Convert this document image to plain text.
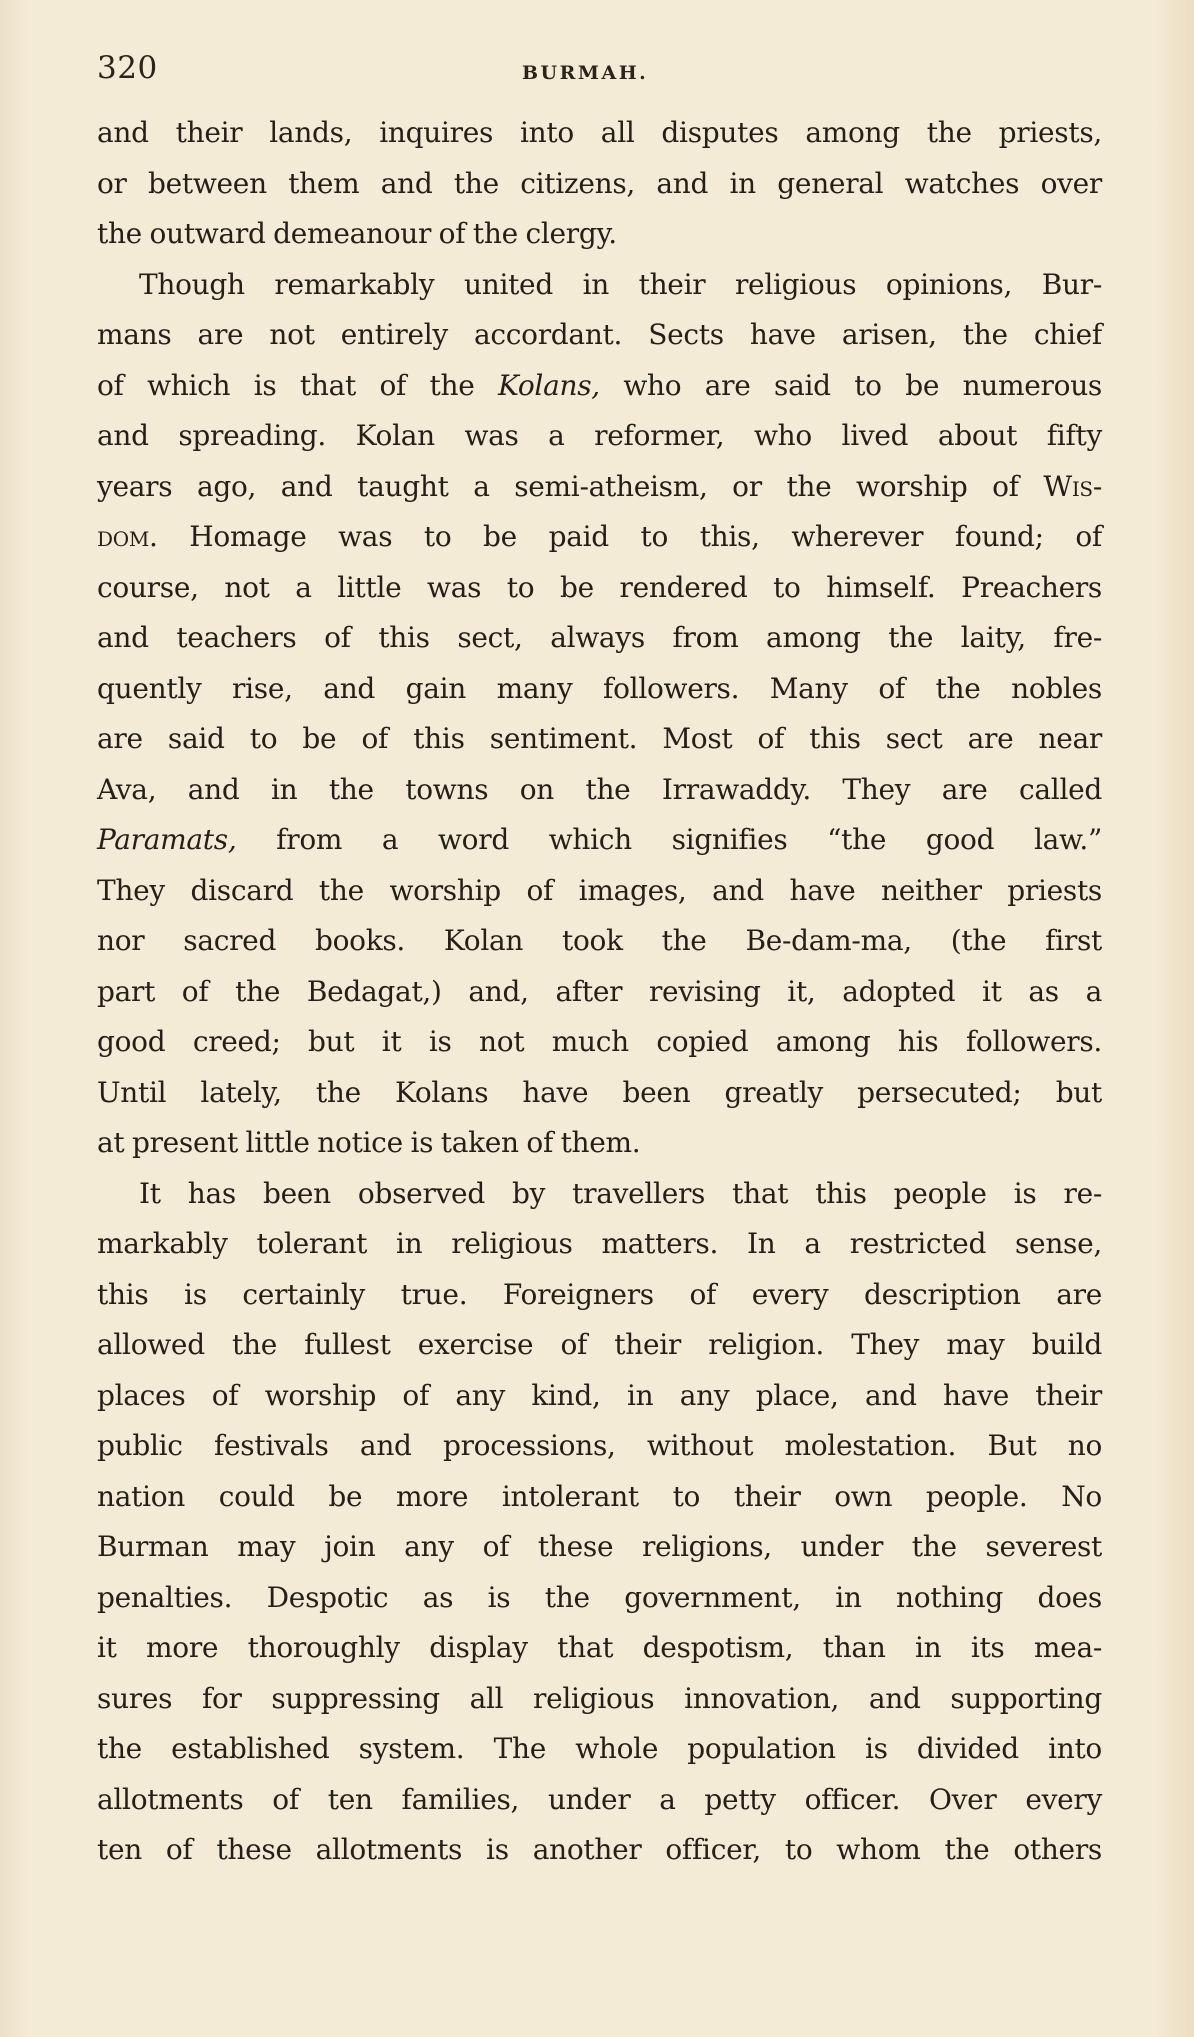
320	BURMAH.
and their lands, inquires into all disputes among the priests,
or between them and the citizens, and in general watches over
the outward demeanour of the clergy.
Though remarkably united in their religious opinions, Bur-
mans are not entirely accordant. Sects have arisen, the chief
of which is that of the Kolans, who are said to be numerous
and spreading. Kolan was a reformer, who lived about fifty
years ago, and taught a semi-atheism, or the worship of Wis-
dom. Homage was to be paid to this, wherever found; of
course, not a little was to be rendered to himself. Preachers
and teachers of this sect, always from among the laity, fre-
quently rise, and gain many followers. Many of the nobles
are said to be of this sentiment. Most of this sect are near
Ava, and in the towns on the Irrawaddy. They are called
Paramats, from a word which signifies “the good law.”
They discard the worship of images, and have neither priests
nor sacred books. Kolan took the Be-dam-ma, (the first
part of the Bedagat,) and, after revising it, adopted it as a
good creed; but it is not much copied among his followers.
Until lately, the Kolans have been greatly persecuted; but
at present little notice is taken of them.
It has been observed by travellers that this people is re-
markably tolerant in religious matters. In a restricted sense,
this is certainly true. Foreigners of every description are
allowed the fullest exercise of their religion. They may build
places of worship of any kind, in any place, and have their
public festivals and processions, without molestation. But no
nation could be more intolerant to their own people. No
Burman may join any of these religions, under the severest
penalties. Despotic as is the government, in nothing does
it more thoroughly display that despotism, than in its mea-
sures for suppressing all religious innovation, and supporting
the established system. The whole population is divided into
allotments of ten families, under a petty officer. Over every
ten of these allotments is another officer, to whom the others
